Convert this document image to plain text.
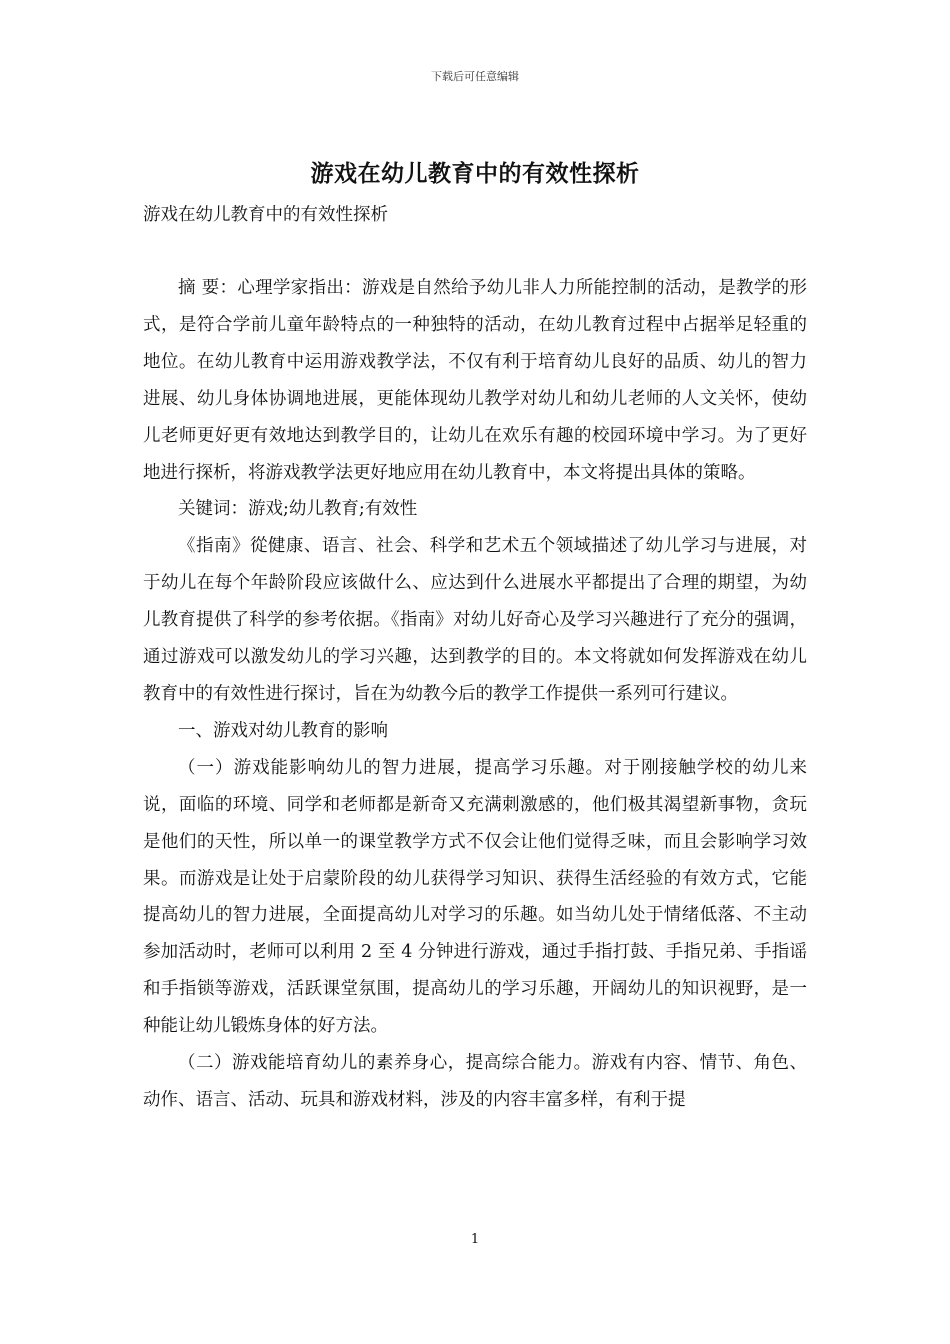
下载后可任意编辑
游戏在幼儿教育中的有效性探析
游戏在幼儿教育中的有效性探析

摘 要：心理学家指出：游戏是自然给予幼儿非人力所能控制的活动，是教学的形式，是符合学前儿童年龄特点的一种独特的活动，在幼儿教育过程中占据举足轻重的地位。在幼儿教育中运用游戏教学法，不仅有利于培育幼儿良好的品质、幼儿的智力进展、幼儿身体协调地进展，更能体现幼儿教学对幼儿和幼儿老师的人文关怀，使幼儿老师更好更有效地达到教学目的，让幼儿在欢乐有趣的校园环境中学习。为了更好地进行探析，将游戏教学法更好地应用在幼儿教育中，本文将提出具体的策略。

关键词：游戏;幼儿教育;有效性

《指南》從健康、语言、社会、科学和艺术五个领域描述了幼儿学习与进展，对于幼儿在每个年龄阶段应该做什么、应达到什么进展水平都提出了合理的期望，为幼儿教育提供了科学的参考依据。《指南》对幼儿好奇心及学习兴趣进行了充分的强调，通过游戏可以激发幼儿的学习兴趣，达到教学的目的。本文将就如何发挥游戏在幼儿教育中的有效性进行探讨，旨在为幼教今后的教学工作提供一系列可行建议。

一、游戏对幼儿教育的影响

（一）游戏能影响幼儿的智力进展，提高学习乐趣。对于刚接触学校的幼儿来说，面临的环境、同学和老师都是新奇又充满刺激感的，他们极其渴望新事物，贪玩是他们的天性，所以单一的课堂教学方式不仅会让他们觉得乏味，而且会影响学习效果。而游戏是让处于启蒙阶段的幼儿获得学习知识、获得生活经验的有效方式，它能提高幼儿的智力进展，全面提高幼儿对学习的乐趣。如当幼儿处于情绪低落、不主动参加活动时，老师可以利用 2 至 4 分钟进行游戏，通过手指打鼓、手指兄弟、手指谣和手指锁等游戏，活跃课堂氛围，提高幼儿的学习乐趣，开阔幼儿的知识视野，是一种能让幼儿锻炼身体的好方法。

（二）游戏能培育幼儿的素养身心，提高综合能力。游戏有内容、情节、角色、动作、语言、活动、玩具和游戏材料，涉及的内容丰富多样，有利于提

1
